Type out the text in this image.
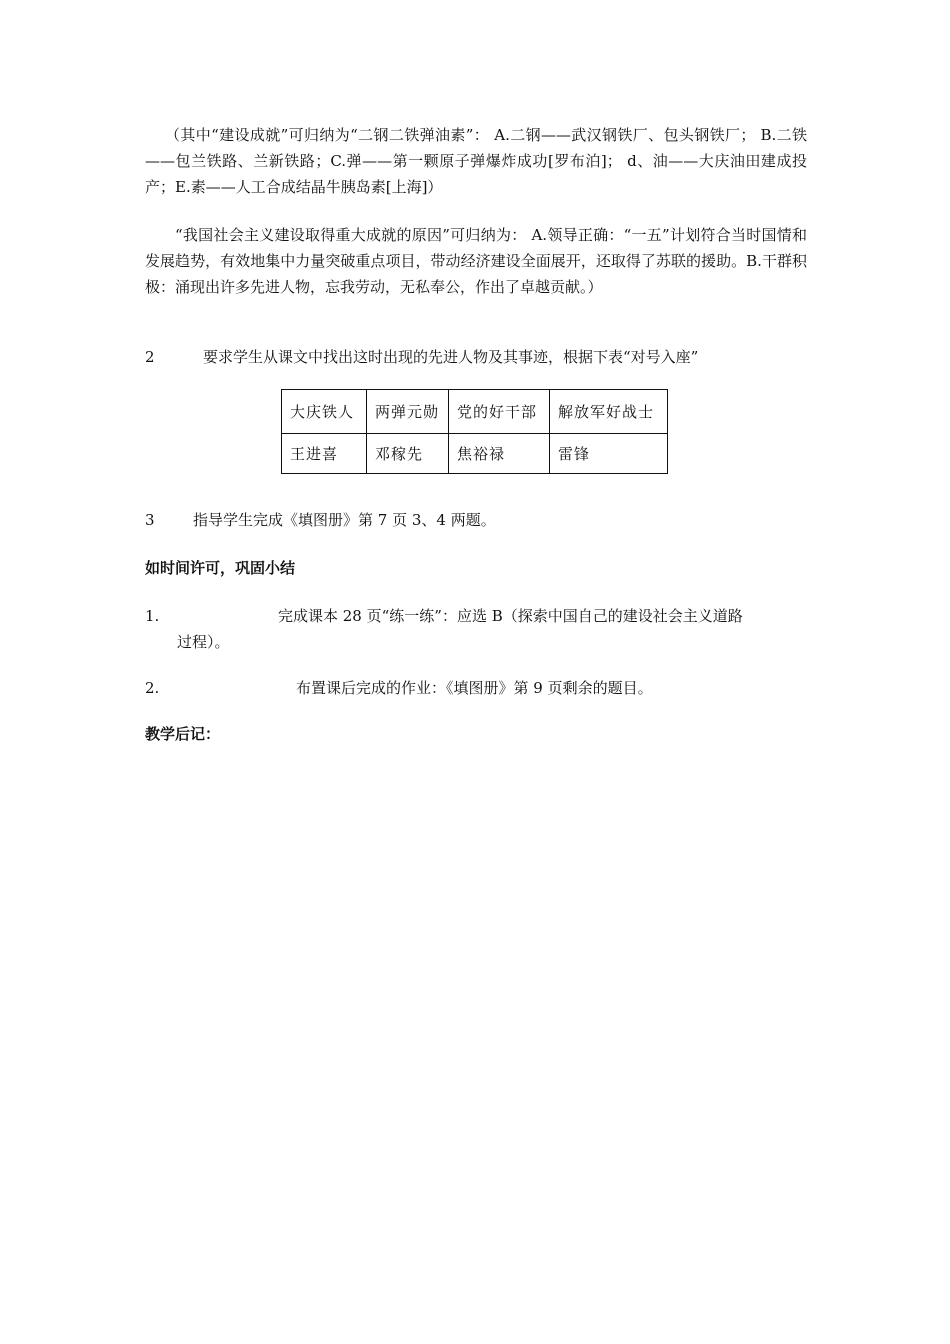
（其中“建设成就”可归纳为“二钢二铁弹油素”： A.二钢——武汉钢铁厂、包头钢铁厂； B.二铁——包兰铁路、兰新铁路；C.弹——第一颗原子弹爆炸成功[罗布泊]； d、油——大庆油田建成投产；E.素——人工合成结晶牛胰岛素[上海]）

“我国社会主义建设取得重大成就的原因”可归纳为： A.领导正确：“一五”计划符合当时国情和发展趋势，有效地集中力量突破重点项目，带动经济建设全面展开，还取得了苏联的援助。B.干群积极：涌现出许多先进人物，忘我劳动，无私奉公，作出了卓越贡献。）

2	要求学生从课文中找出这时出现的先进人物及其事迹，根据下表“对号入座”
大庆铁人	两弹元勋	党的好干部	解放军好战士
王进喜	邓稼先	焦裕禄	雷锋
3	指导学生完成《填图册》第 7 页 3、4 两题。
如时间许可，巩固小结
1.	完成课本 28 页“练一练”：应选 B（探索中国自己的建设社会主义道路
过程）。
2.	布置课后完成的作业：《填图册》第 9 页剩余的题目。
教学后记：
